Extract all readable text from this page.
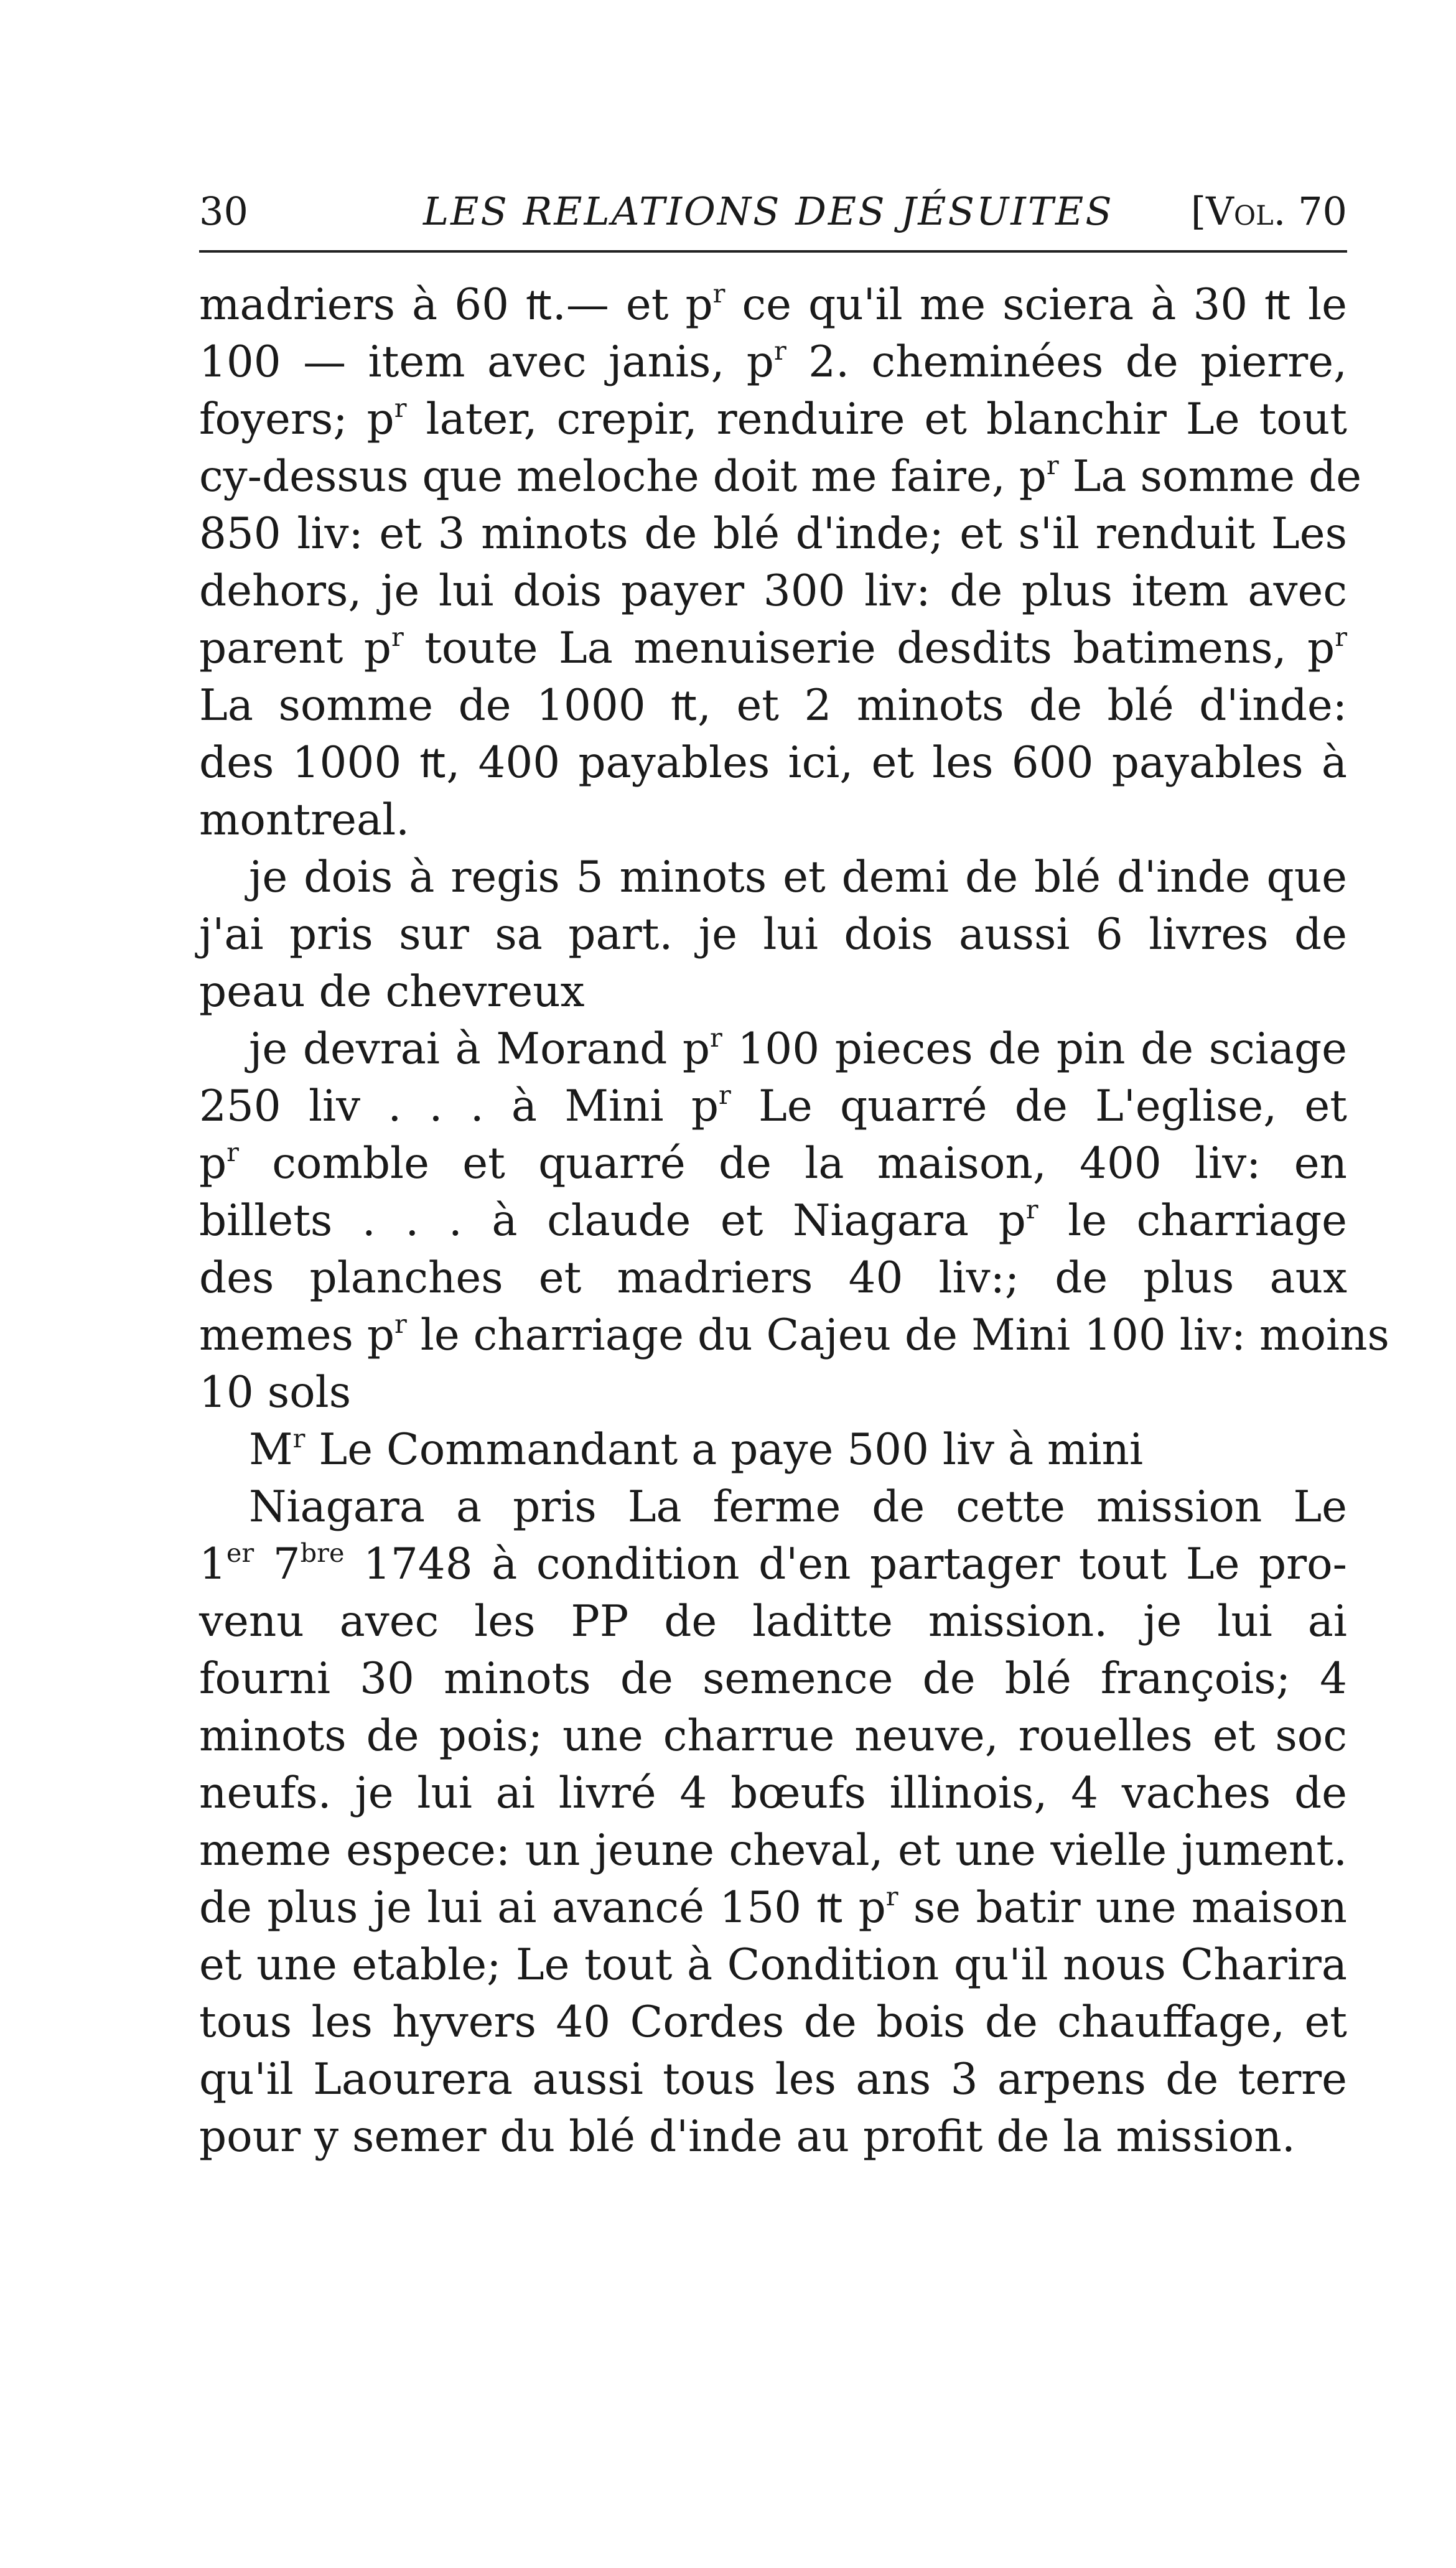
30	LES RELATIONS DES JÉSUITES [Vol. 70
madriers à 60 ₶.— et $p^r$ ce qu'il me sciera à 30 ₶ le
100 — item avec janis, $p^r$ 2. cheminées de pierre,
foyers; $p^r$ later, crepir, renduire et blanchir Le tout
cy-dessus que meloche doit me faire, $p^r$ La somme de
850 liv: et 3 minots de blé d'inde; et s'il renduit Les
dehors, je lui dois payer 300 liv: de plus item avec
parent $p^r$ toute La menuiserie desdits batimens, $p^r$
La somme de 1000 ₶, et 2 minots de blé d'inde:
des 1000 ₶, 400 payables ici, et les 600 payables à
montreal.
je dois à regis 5 minots et demi de blé d'inde que
j'ai pris sur sa part. je lui dois aussi 6 livres de
peau de chevreux
je devrai à Morand $p^r$ 100 pieces de pin de sciage
250 liv . . . à Mini $p^r$ Le quarré de L'eglise, et
$p^r$ comble et quarré de la maison, 400 liv: en
billets . . . à claude et Niagara $p^r$ le charriage
des planches et madriers 40 liv:; de plus aux
memes $p^r$ le charriage du Cajeu de Mini 100 liv: moins
10 sols
$M^r$ Le Commandant a paye 500 liv à mini
Niagara a pris La ferme de cette mission Le
1er $7^{bre}$ 1748 à condition d'en partager tout Le pro-
venu avec les PP de laditte mission. je lui ai
fourni 30 minots de semence de blé françois; 4
minots de pois; une charrue neuve, rouelles et soc
neufs. je lui ai livré 4 bœufs illinois, 4 vaches de
meme espece: un jeune cheval, et une vielle jument.
de plus je lui ai avancé 150 ₶ $p^r$ se batir une maison
et une etable; Le tout à Condition qu'il nous Charira
tous les hyvers 40 Cordes de bois de chauffage, et
qu'il Laourera aussi tous les ans 3 arpens de terre
pour y semer du blé d'inde au profit de la mission.
